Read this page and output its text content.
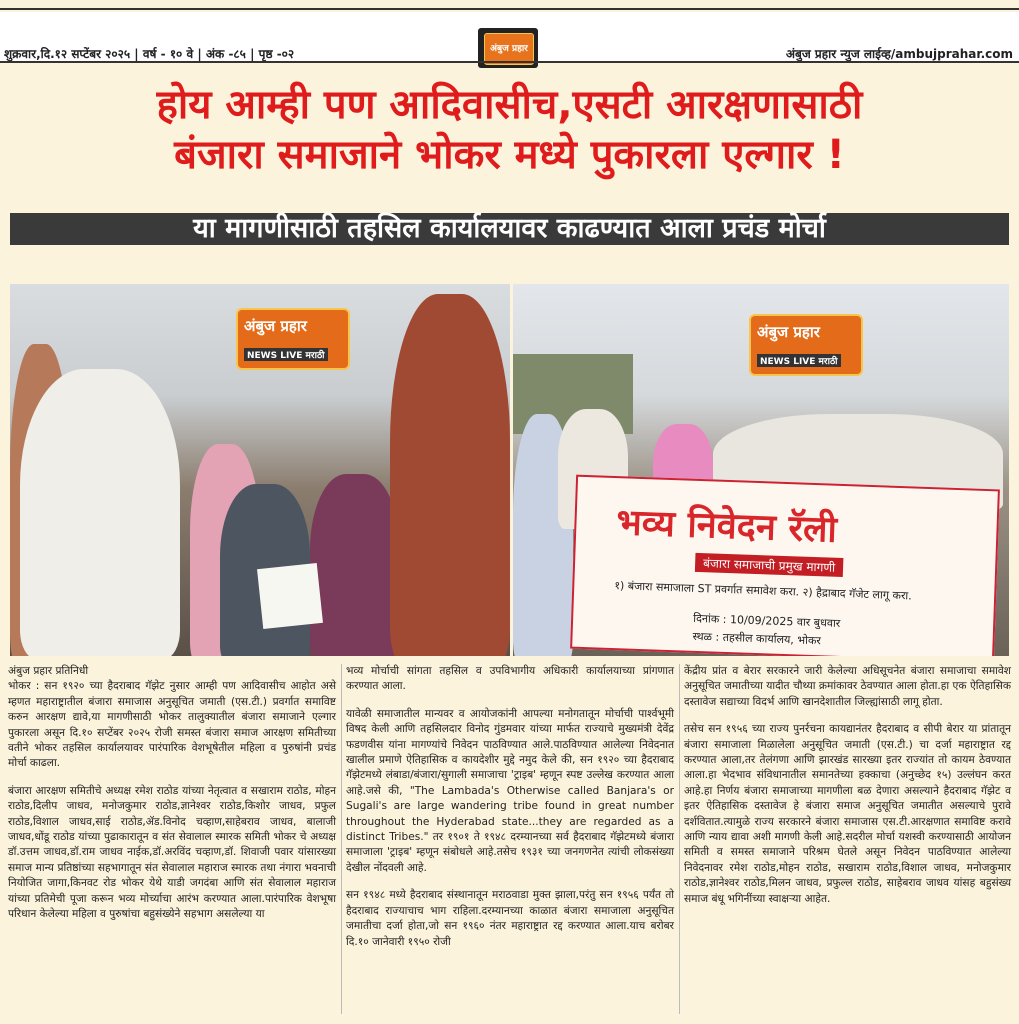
शुक्रवार,दि.१२ सप्टेंबर २०२५ | वर्ष - १० वे | अंक -८५ | पृष्ठ -०२	अंबुज प्रहार	अंबुज प्रहार न्युज लाईव्ह/ambujprahar.com
होय आम्ही पण आदिवासीच,एसटी आरक्षणासाठी
बंजारा समाजाने भोकर मध्ये पुकारला एल्गार !
या मागणीसाठी तहसिल कार्यालयावर काढण्यात आला प्रचंड मोर्चा
अंबुज प्रहार
NEWS LIVE मराठी
भव्य निवेदन रॅली
बंजारा समाजाची प्रमुख मागणी
१) बंजारा समाजाला ST प्रवर्गात समावेश करा. २) हैद्राबाद गॅजेट लागू करा.
दिनांक : 10/09/2025 वार बुधवार
स्थळ : तहसील कार्यालय, भोकर
अंबुज प्रहार
NEWS LIVE मराठी

अंबुज प्रहार प्रतिनिधी

भोकर : सन १९२० च्या हैदराबाद गॅझेट नुसार आम्ही पण आदिवासीच आहोत असे म्हणत महाराष्ट्रातील बंजारा समाजास अनुसूचित जमाती (एस.टी.) प्रवर्गात समाविष्ट करुन आरक्षण द्यावे,या मागणीसाठी भोकर तालुक्यातील बंजारा समाजाने एल्गार पुकारला असून दि.१० सप्टेंबर २०२५ रोजी समस्त बंजारा समाज आरक्षण समितीच्या वतीने भोकर तहसिल कार्यालयावर पारंपारिक वेशभूषेतील महिला व पुरुषांनी प्रचंड मोर्चा काढला.

बंजारा आरक्षण समितीचे अध्यक्ष रमेश राठोड यांच्या नेतृत्वात व सखाराम राठोड, मोहन राठोड,दिलीप जाधव, मनोजकुमार राठोड,ज्ञानेश्वर राठोड,किशोर जाधव, प्रफुल राठोड,विशाल जाधव,साई राठोड,ॲड.विनोद चव्हाण,साहेबराव जाधव, बालाजी जाधव,धोंडू राठोड यांच्या पुढाकारातून व संत सेवालाल स्मारक समिती भोकर चे अध्यक्ष डॉ.उत्तम जाधव,डॉ.राम जाधव नाईक,डॉ.अरविंद चव्हाण,डॉ. शिवाजी पवार यांसारख्या समाज मान्य प्रतिष्ठांच्या सहभागातून संत सेवालाल महाराज स्मारक तथा नंगारा भवनाची नियोजित जागा,किनवट रोड भोकर येथे याडी जगदंबा आणि संत सेवालाल महाराज यांच्या प्रतिमेची पूजा करून भव्य मोर्च्याचा आरंभ करण्यात आला.पारंपारिक वेशभूषा परिधान केलेल्या महिला व पुरुषांचा बहुसंख्येने सहभाग असलेल्या या

भव्य मोर्चाची सांगता तहसिल व उपविभागीय अधिकारी कार्यालयाच्या प्रांगणात करण्यात आला.

यावेळी समाजातील मान्यवर व आयोजकांनी आपल्या मनोगतातून मोर्चाची पार्श्वभूमी विषद केली आणि तहसिलदार विनोद गुंडमवार यांच्या मार्फत राज्याचे मुख्यमंत्री देवेंद्र फडणवीस यांना मागण्यांचे निवेदन पाठविण्यात आले.पाठविण्यात आलेल्या निवेदनात खालील प्रमाणे ऐतिहासिक व कायदेशीर मुद्दे नमुद केले की, सन १९२० च्या हैदराबाद गॅझेटमध्ये लंबाडा/बंजारा/सुगाली समाजाचा 'ट्राइब' म्हणून स्पष्ट उल्लेख करण्यात आला आहे.जसे की, "The Lambada's Otherwise called Banjara's or Sugali's are large wandering tribe found in great number throughout the Hyderabad state...they are regarded as a distinct Tribes." तर १९०१ ते १९४८ दरम्यानच्या सर्व हैदराबाद गॅझेटमध्ये बंजारा समाजाला 'ट्राइब' म्हणून संबोधले आहे.तसेच १९३१ च्या जनगणनेत त्यांची लोकसंख्या देखील नोंदवली आहे.

सन १९४८ मध्ये हैदराबाद संस्थानातून मराठवाडा मुक्त झाला,परंतु सन १९५६ पर्यंत तो हैदराबाद राज्याचाच भाग राहिला.दरम्यानच्या काळात बंजारा समाजाला अनुसूचित जमातीचा दर्जा होता,जो सन १९६० नंतर महाराष्ट्रात रद्द करण्यात आला.याच बरोबर दि.१० जानेवारी १९५० रोजी

केंद्रीय प्रांत व बेरार सरकारने जारी केलेल्या अधिसूचनेत बंजारा समाजाचा समावेश अनुसूचित जमातीच्या यादीत चौथ्या क्रमांकावर ठेवण्यात आला होता.हा एक ऐतिहासिक दस्तावेज सद्याच्या विदर्भ आणि खानदेशातील जिल्ह्यांसाठी लागू होता.

तसेच सन १९५६ च्या राज्य पुनर्रचना कायद्यानंतर हैदराबाद व सीपी बेरार या प्रांतातून बंजारा समाजाला मिळालेला अनुसूचित जमाती (एस.टी.) चा दर्जा महाराष्ट्रात रद्द करण्यात आला,तर तेलंगणा आणि झारखंड सारख्या इतर राज्यांत तो कायम ठेवण्यात आला.हा भेदभाव संविधानातील समानतेच्या हक्काचा (अनुच्छेद १५) उल्लंघन करत आहे.हा निर्णय बंजारा समाजाच्या मागणीला बळ देणारा असल्याने हैदराबाद गॅझेट व इतर ऐतिहासिक दस्तावेज हे बंजारा समाज अनुसूचित जमातीत असल्याचे पुरावे दर्शवितात.त्यामुळे राज्य सरकारने बंजारा समाजास एस.टी.आरक्षणात समाविष्ट करावे आणि न्याय द्यावा अशी मागणी केली आहे.सदरील मोर्चा यशस्वी करण्यासाठी आयोजन समिती व समस्त समाजाने परिश्रम घेतले असून निवेदन पाठविण्यात आलेल्या निवेदनावर रमेश राठोड,मोहन राठोड, सखाराम राठोड,विशाल जाधव, मनोजकुमार राठोड,ज्ञानेश्वर राठोड,मिलन जाधव, प्रफुल्ल राठोड, साहेबराव जाधव यांसह बहुसंख्य समाज बंधू भगिनींच्या स्वाक्षऱ्या आहेत.
